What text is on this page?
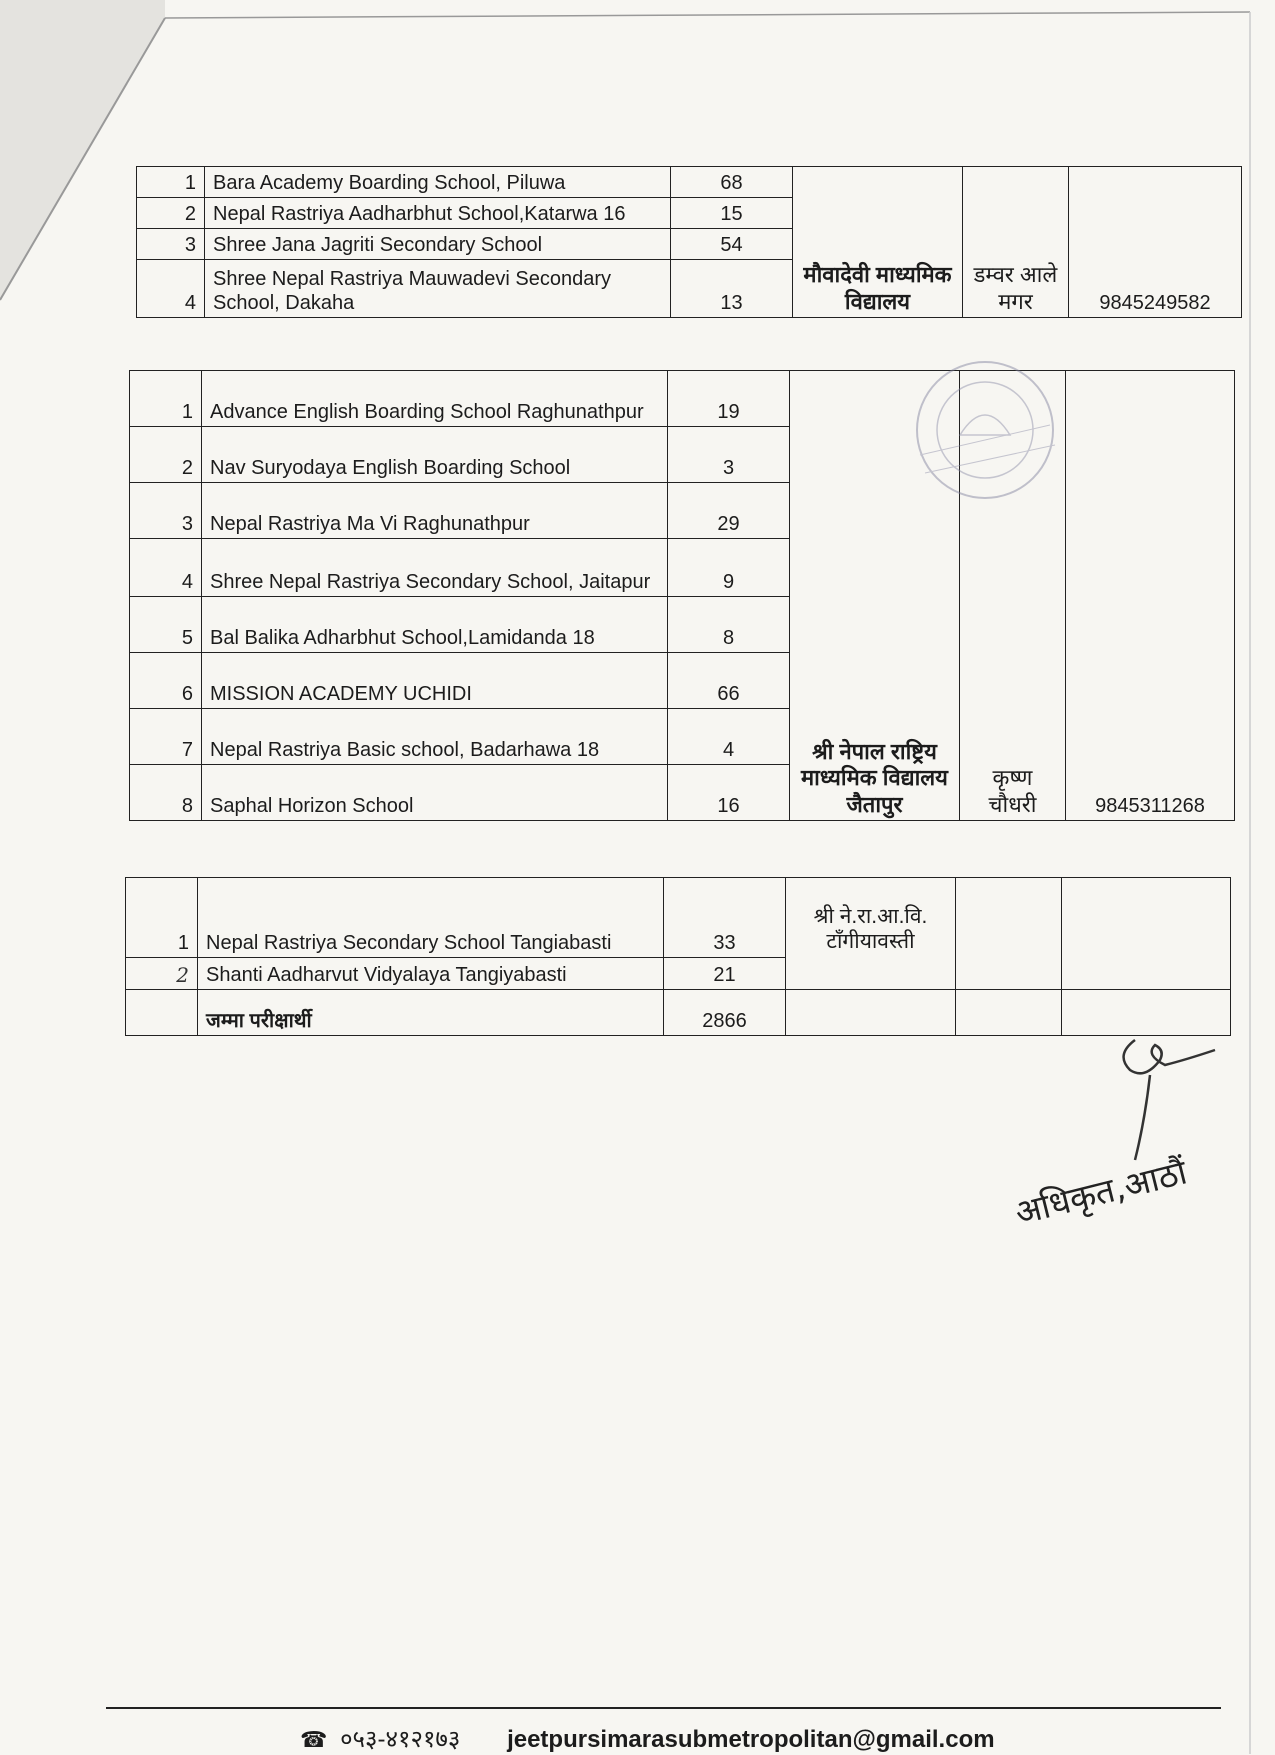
1	Bara Academy Boarding School, Piluwa	68	मौवादेवी माध्यमिक विद्यालय	डम्वर आले मगर	9845249582
2	Nepal Rastriya Aadharbhut School,Katarwa 16	15			
3	Shree Jana Jagriti Secondary School	54			
4	Shree Nepal Rastriya Mauwadevi Secondary School, Dakaha	13			
1	Advance English Boarding School Raghunathpur	19	श्री नेपाल राष्ट्रिय माध्यमिक विद्यालय जैतापुर	कृष्ण चौधरी	9845311268
2	Nav Suryodaya English Boarding School	3			
3	Nepal Rastriya Ma Vi Raghunathpur	29			
4	Shree Nepal Rastriya Secondary School, Jaitapur	9			
5	Bal Balika Adharbhut School,Lamidanda 18	8			
6	MISSION ACADEMY UCHIDI	66			
7	Nepal Rastriya Basic school, Badarhawa 18	4			
8	Saphal Horizon School	16			
1	Nepal Rastriya Secondary School Tangiabasti	33	श्री ने.रा.आ.वि. टाँगीयावस्ती		
2	Shanti Aadharvut Vidyalaya Tangiyabasti	21			
	जम्मा परीक्षार्थी	2866			
अधिकृत,आठौं
☎ ०५३-४१२१७३ jeetpursimarasubmetropolitan@gmail.com
